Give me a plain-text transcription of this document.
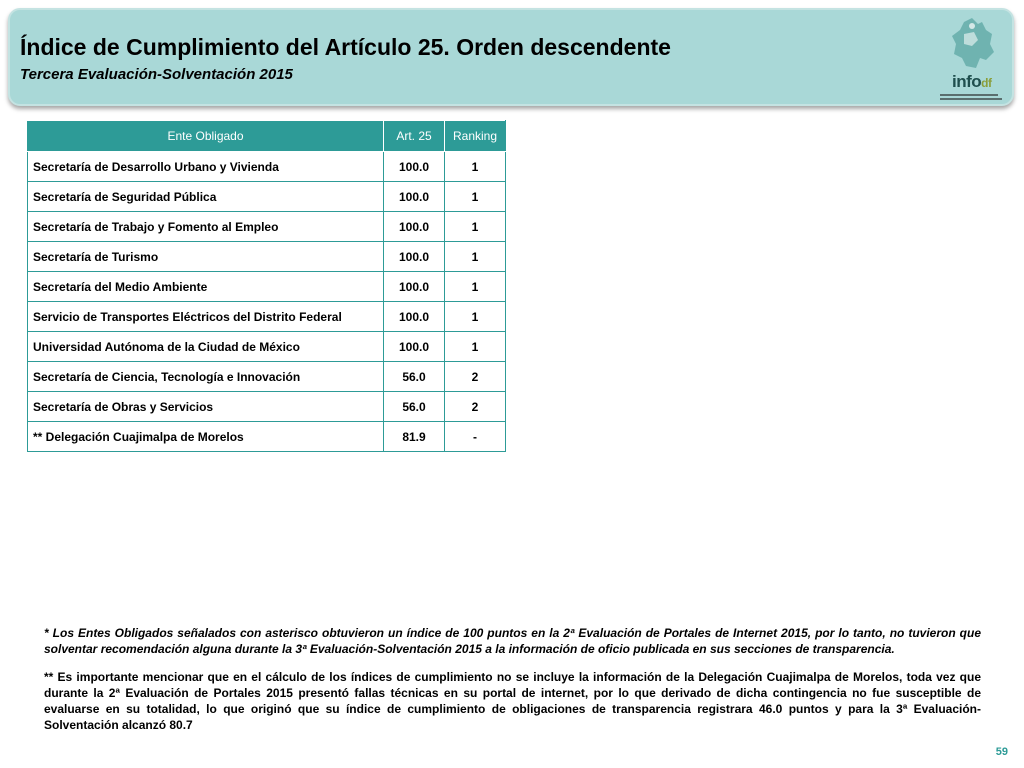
Índice de Cumplimiento del Artículo 25. Orden descendente
Tercera Evaluación-Solventación 2015	infodf
Ente Obligado	Art. 25	Ranking
Secretaría de Desarrollo Urbano y Vivienda	100.0	1
Secretaría de Seguridad Pública	100.0	1
Secretaría de Trabajo y Fomento al Empleo	100.0	1
Secretaría de Turismo	100.0	1
Secretaría del Medio Ambiente	100.0	1
Servicio de Transportes Eléctricos del Distrito Federal	100.0	1
Universidad Autónoma de la Ciudad de México	100.0	1
Secretaría de Ciencia, Tecnología e Innovación	56.0	2
Secretaría de Obras y Servicios	56.0	2
** Delegación Cuajimalpa de Morelos	81.9	-

* Los Entes Obligados señalados con asterisco obtuvieron un índice de 100 puntos en la 2ª Evaluación de Portales de Internet 2015, por lo tanto, no tuvieron que solventar recomendación alguna durante la 3ª Evaluación-Solventación 2015 a la información de oficio publicada en sus secciones de transparencia.

** Es importante mencionar que en el cálculo de los índices de cumplimiento no se incluye la información de la Delegación Cuajimalpa de Morelos, toda vez que durante la 2ª Evaluación de Portales 2015 presentó fallas técnicas en su portal de internet, por lo que derivado de dicha contingencia no fue susceptible de evaluarse en su totalidad, lo que originó que su índice de cumplimiento de obligaciones de transparencia registrara 46.0 puntos y para la 3ª Evaluación-Solventación alcanzó 80.7

59
